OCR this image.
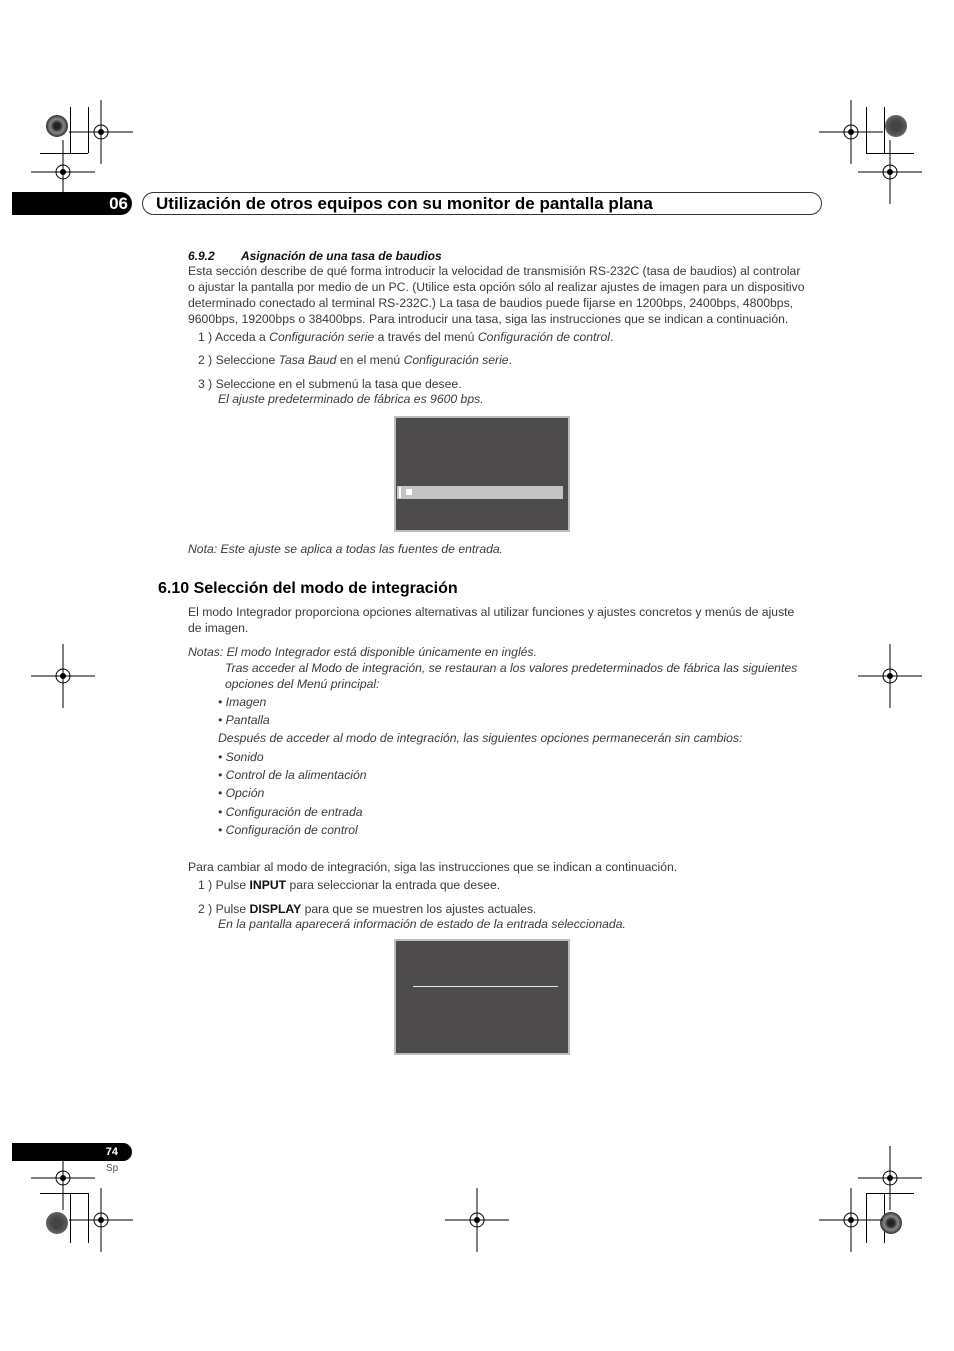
06	Utilización de otros equipos con su monitor de pantalla plana
6.9.2 Asignación de una tasa de baudios
Esta sección describe de qué forma introducir la velocidad de transmisión RS-232C (tasa de baudios) al controlar
o ajustar la pantalla por medio de un PC. (Utilice esta opción sólo al realizar ajustes de imagen para un dispositivo
determinado conectado al terminal RS-232C.) La tasa de baudios puede fijarse en 1200bps, 2400bps, 4800bps,
9600bps, 19200bps o 38400bps. Para introducir una tasa, siga las instrucciones que se indican a continuación.
1 ) Acceda a Configuración serie a través del menú Configuración de control.
2 ) Seleccione Tasa Baud en el menú Configuración serie.
3 ) Seleccione en el submenú la tasa que desee.
El ajuste predeterminado de fábrica es 9600 bps.
Nota: Este ajuste se aplica a todas las fuentes de entrada.
6.10 Selección del modo de integración
El modo Integrador proporciona opciones alternativas al utilizar funciones y ajustes concretos y menús de ajuste
de imagen.
Notas: El modo Integrador está disponible únicamente en inglés.
Tras acceder al Modo de integración, se restauran a los valores predeterminados de fábrica las siguientes
opciones del Menú principal:
• Imagen
• Pantalla
Después de acceder al modo de integración, las siguientes opciones permanecerán sin cambios:
• Sonido
• Control de la alimentación
• Opción
• Configuración de entrada
• Configuración de control
Para cambiar al modo de integración, siga las instrucciones que se indican a continuación.
1 ) Pulse INPUT para seleccionar la entrada que desee.
2 ) Pulse DISPLAY para que se muestren los ajustes actuales.
En la pantalla aparecerá información de estado de la entrada seleccionada.
74
Sp
